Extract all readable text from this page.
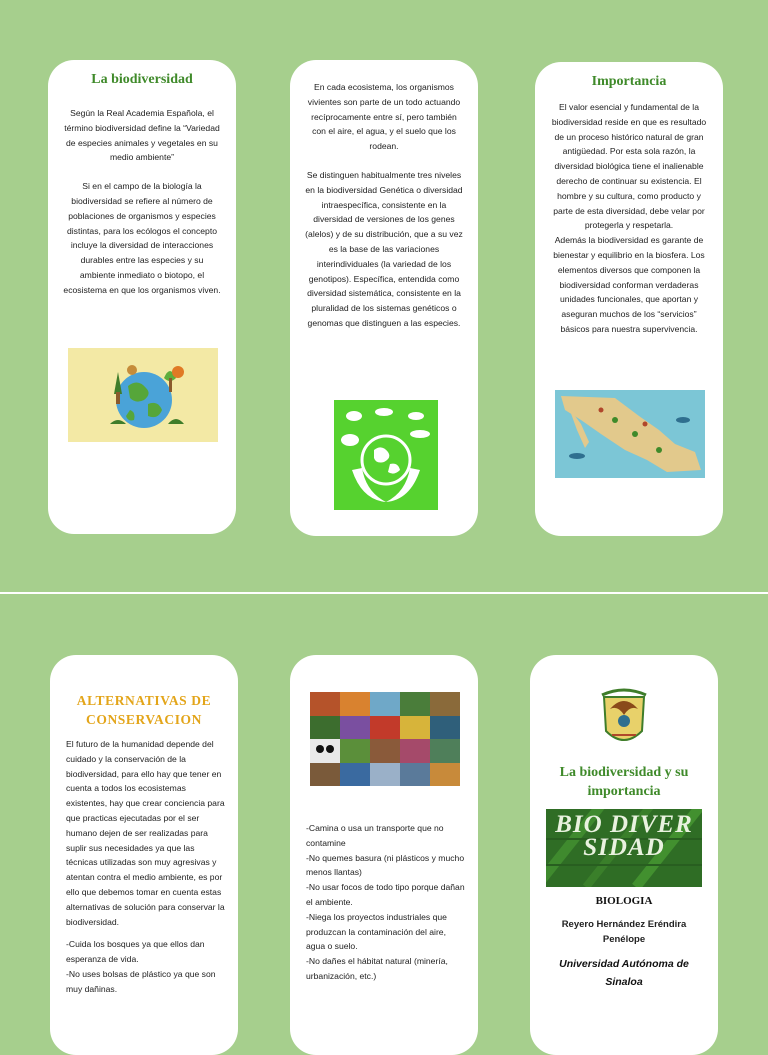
La biodiversidad

Según la Real Academia Española, el término biodiversidad define la “Variedad de especies animales y vegetales en su medio ambiente”

Si en el campo de la biología la biodiversidad se refiere al número de poblaciones de organismos y especies distintas, para los ecólogos el concepto incluye la diversidad de interacciones durables entre las especies y su ambiente inmediato o biotopo, el ecosistema en que los organismos viven.

En cada ecosistema, los organismos vivientes son parte de un todo actuando recíprocamente entre sí, pero también con el aire, el agua, y el suelo que los rodean.

Se distinguen habitualmente tres niveles en la biodiversidad Genética o diversidad intraespecífica, consistente en la diversidad de versiones de los genes (alelos) y de su distribución, que a su vez es la base de las variaciones interindividuales (la variedad de los genotipos). Específica, entendida como diversidad sistemática, consistente en la pluralidad de los sistemas genéticos o genomas que distinguen a las especies.

Importancia

El valor esencial y fundamental de la biodiversidad reside en que es resultado de un proceso histórico natural de gran antigüedad. Por esta sola razón, la diversidad biológica tiene el inalienable derecho de continuar su existencia. El hombre y su cultura, como producto y parte de esta diversidad, debe velar por protegerla y respetarla.

Además la biodiversidad es garante de bienestar y equilibrio en la biosfera. Los elementos diversos que componen la biodiversidad conforman verdaderas unidades funcionales, que aportan y aseguran muchos de los “servicios” básicos para nuestra supervivencia.

ALTERNATIVAS DE CONSERVACION

El futuro de la humanidad depende del cuidado y la conservación de la biodiversidad, para ello hay que tener en cuenta a todos los ecosistemas existentes, hay que crear conciencia para que practicas ejecutadas por el ser humano dejen de ser realizadas para suplir sus necesidades ya que las técnicas utilizadas son muy agresivas y atentan contra el medio ambiente, es por ello que debemos tomar en cuenta estas alternativas de solución para conservar la biodiversidad.

-Cuida los bosques ya que ellos dan esperanza de vida.

-No uses bolsas de plástico ya que son muy dañinas.

-Camina o usa un transporte que no contamine

-No quemes basura (ni plásticos y mucho menos llantas)

-No usar focos de todo tipo porque dañan el ambiente.

-Niega los proyectos industriales que produzcan la contaminación del aire, agua o suelo.

-No dañes el hábitat natural (minería, urbanización, etc.)

La biodiversidad y su importancia
BIO DIVER SIDAD
BIOLOGIA
Reyero Hernández Eréndira Penélope
Universidad Autónoma de Sinaloa
